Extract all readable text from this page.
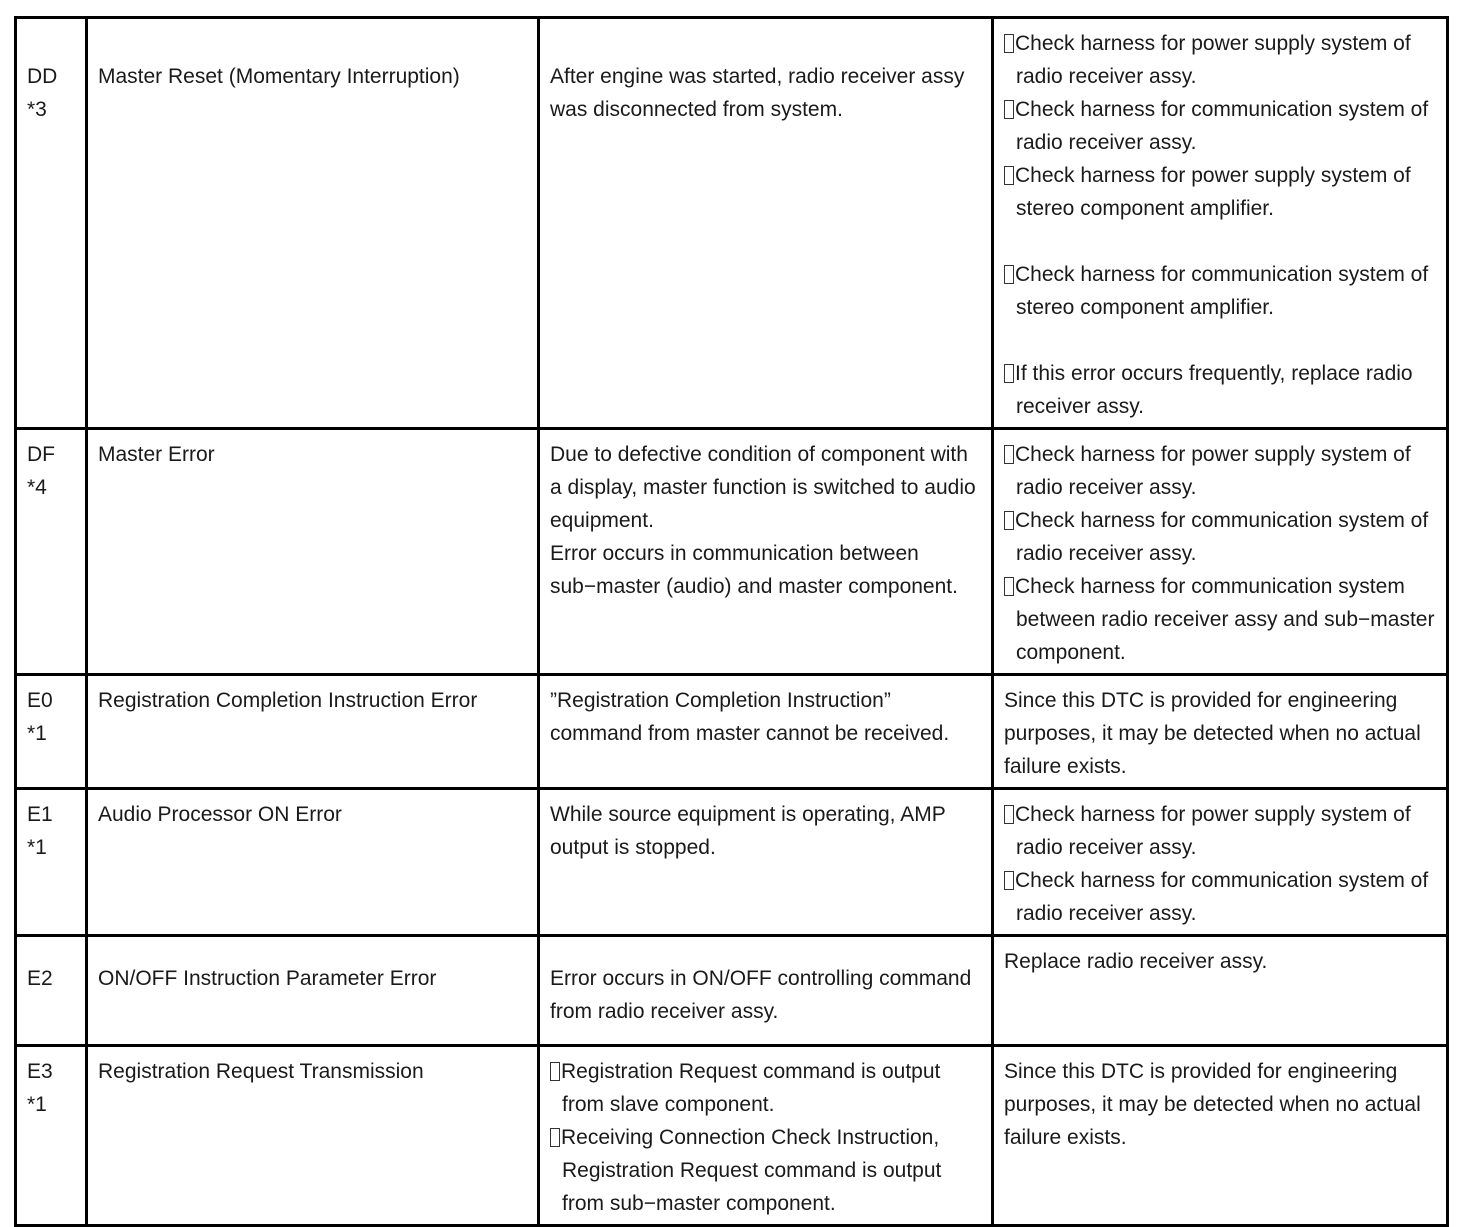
DD
*3	Master Reset (Momentary Interruption)	After engine was started, radio receiver assy was disconnected from system.	Check harness for power supply system of radio receiver assy.
Check harness for communication system of radio receiver assy.
Check harness for power supply system of stereo component amplifier.
Check harness for communication system of stereo component amplifier.
If this error occurs frequently, replace radio receiver assy.

DF
*4	Master Error	Due to defective condition of component with a display, master function is switched to audio equipment.
Error occurs in communication between sub−master (audio) and master component.	Check harness for power supply system of radio receiver assy.
Check harness for communication system of radio receiver assy.
Check harness for communication system between radio receiver assy and sub−master component.

E0
*1	Registration Completion Instruction Error	”Registration Completion Instruction” command from master cannot be received.	Since this DTC is provided for engineering purposes, it may be detected when no actual failure exists.

E1
*1	Audio Processor ON Error	While source equipment is operating, AMP output is stopped.	Check harness for power supply system of radio receiver assy.
Check harness for communication system of radio receiver assy.

E2	ON/OFF Instruction Parameter Error	Error occurs in ON/OFF controlling command from radio receiver assy.	Replace radio receiver assy.

E3
*1	Registration Request Transmission	Registration Request command is output from slave component.
Receiving Connection Check Instruction, Registration Request command is output from sub−master component.	Since this DTC is provided for engineering purposes, it may be detected when no actual failure exists.
